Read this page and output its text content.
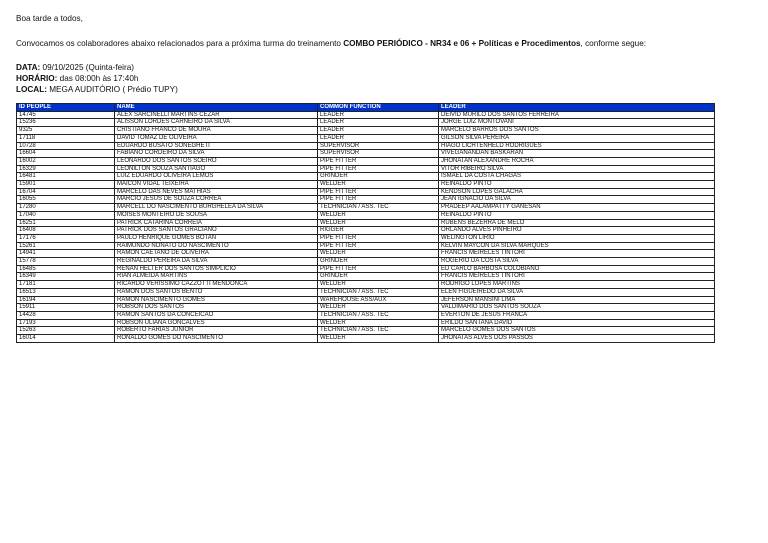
Boa tarde a todos,
Convocamos os colaboradores abaixo relacionados para a próxima turma do treinamento COMBO PERIÓDICO - NR34 e 06 + Políticas e Procedimentos, conforme segue:
DATA: 09/10/2025 (Quinta-feira)
HORÁRIO: das 08:00h às 17:40h
LOCAL: MEGA AUDITÓRIO ( Prédio TUPY)
ID PEOPLE	NAME	COMMON FUNCTION	LEADER
14745	ALEX SARCINELLI MARTINS CEZAR	LEADER	DEIVID MURILO DOS SANTOS FERREIRA
15236	ALISSON LORDES CARNEIRO DA SILVA	LEADER	JORGE LUIZ MONTOVANI
9325	CRISTIANO FRANCO DE MOURA	LEADER	MARCELO BARROS DOS SANTOS
17118	DAVID TOMAZ DE OLIVEIRA	LEADER	GILSON SILVA PEREIRA
10728	EDUARDO BUSATO SONEGHETI	SUPERVISOR	HIAGO LICHTENHELD RODRIGUES
16604	FABIANO CORDEIRO DA SILVA	SUPERVISOR	VIVEGANANDAN BASKARAN
16002	LEONARDO DOS SANTOS SOEIRO	PIPE FITTER	JHONATAN ALEXANDRE ROCHA
16329	LEONILTON SOUZA SANTIAGO	PIPE FITTER	VITOR RIBEIRO SILVA
16481	LUIZ EDUARDO OLIVEIRA LEMOS	GRINDER	ISMAEL DA COSTA CHAGAS
15901	MAICON VIDAL TEIXEIRA	WELDER	REINALDO PINTO
16704	MARCELO DAS NEVES MATHIAS	PIPE FITTER	KENDSON LOPES GALACHA
16055	MARCIO JESUS DE SOUZA CORREA	PIPE FITTER	JEAN IGNACIO DA SILVA
17280	MARCELL DO NASCIMENTO BURGHELEA DA SILVA	TECHNICIAN / ASS. TEC	PRADEEP AALAMPATTY GANESAN
17040	MOISES MONTEIRO DE SOUSA	WELDER	REINALDO PINTO
16251	PATRICK CATARINA CORREIA	WELDER	RUBENS BEZERRA DE MELO
16408	PATRICK DOS SANTOS GRACIANO	RIGGER	ORLANDO ALVES PINHEIRO
17176	PAULO HENRIQUE GOMES BOTAN	PIPE FITTER	WELINGTON LIRIO
15261	RAIMUNDO NONATO DO NASCIMENTO	PIPE FITTER	KELVIN MAYCON DA SILVA MARQUES
14941	RAMON CAETANO DE OLIVEIRA	WELDER	FRANCIS MEIRELES TINTORI
15778	REGINALDO PEREIRA DA SILVA	GRINDER	ROGERIO DA COSTA SILVA
16485	RENAN HELTER DOS SANTOS SIMPLICIO	PIPE FITTER	ED CARLO BARBOSA COLOBIANO
16349	RIAN ALMEIDA MARTINS	GRINDER	FRANCIS MEIRELES TINTORI
17181	RICARDO VERISSIMO CAZZOTTI MENDONCA	WELDER	RODRIGO LOPES MARTINS
16513	RAMON DOS SANTOS BENTO	TECHNICIAN / ASS. TEC	ELEN FIGUEIREDO DA SILVA
16194	RAMON NASCIMENTO GOMES	WAREHOUSE ASS/AUX	JEFERSON MANSINI LIMA
15911	ROBSON DOS SANTOS	WELDER	VALDIMARIO DOS SANTOS SOUZA
14428	RAMON SANTOS DA CONCEICAO	TECHNICIAN / ASS. TEC	EVERTON DE JESUS FRANCA
17193	ROBSON ULIANA GONCALVES	WELDER	ERILDO SANTANA DAVID
15263	ROBERTO FARIAS JUNIOR	TECHNICIAN / ASS. TEC	MARCELO GOMES DOS SANTOS
16014	RONALDO GOMES DO NASCIMENTO	WELDER	JHONATAS ALVES DOS PASSOS
